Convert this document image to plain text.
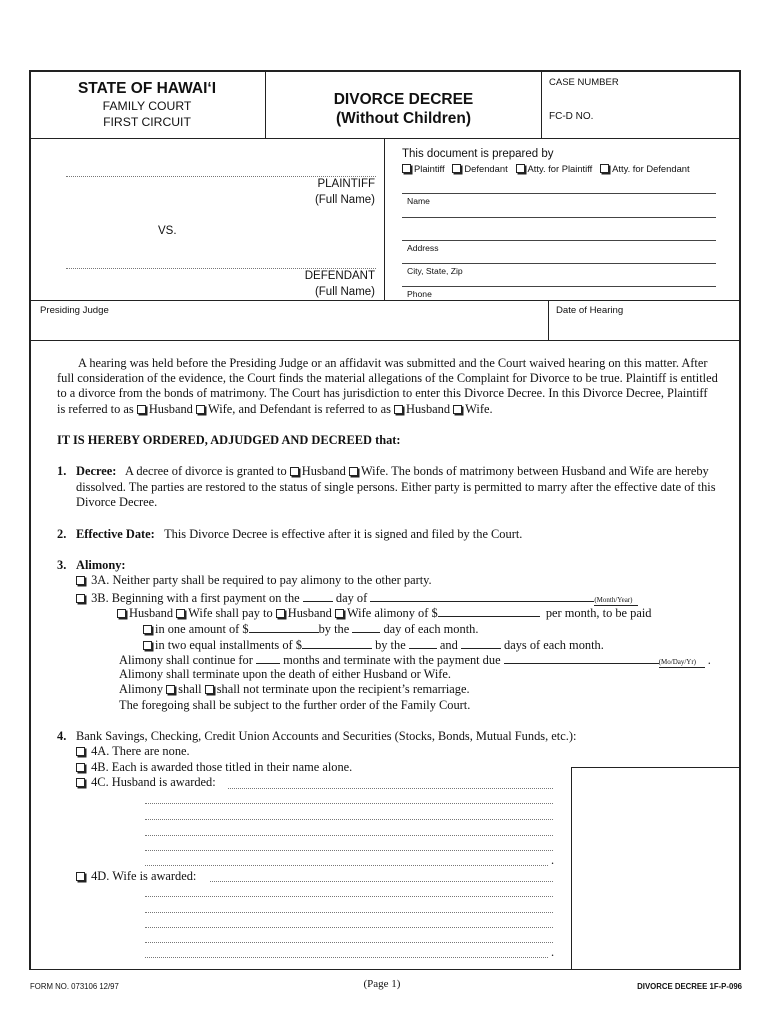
STATE OF HAWAI‘I
FAMILY COURT
FIRST CIRCUIT
DIVORCE DECREE
(Without Children)
CASE NUMBER
FC-D NO.
PLAINTIFF
(Full Name)
VS.
DEFENDANT
(Full Name)
This document is prepared by
Plaintiff Defendant Atty. for Plaintiff Atty. for Defendant
Name
Address
City, State, Zip
Phone
Presiding Judge	Date of Hearing
A hearing was held before the Presiding Judge or an affidavit was submitted and the Court waived hearing on this matter. After
full consideration of the evidence, the Court finds the material allegations of the Complaint for Divorce to be true. Plaintiff is entitled
to a divorce from the bonds of matrimony. The Court has jurisdiction to enter this Divorce Decree. In this Divorce Decree, Plaintiff
is referred to as Husband Wife, and Defendant is referred to as Husband Wife.
IT IS HEREBY ORDERED, ADJUDGED AND DECREED that:
1. Decree: A decree of divorce is granted to Husband Wife. The bonds of matrimony between Husband and Wife are hereby
dissolved. The parties are restored to the status of single persons. Either party is permitted to marry after the effective date of this
Divorce Decree.
2. Effective Date: This Divorce Decree is effective after it is signed and filed by the Court.
3. Alimony:
3A. Neither party shall be required to pay alimony to the other party.
3B. Beginning with a first payment on the	day of	(Month/Year)
Husband Wife shall pay to Husband Wife alimony of $	per month, to be paid
in one amount of $	by the	day of each month.
in two equal installments of $	by the	and	days of each month.
Alimony shall continue for months and terminate with the payment due	(Mo/Day/Yr) .
Alimony shall terminate upon the death of either Husband or Wife.
Alimony shall shall not terminate upon the recipient’s remarriage.
The foregoing shall be subject to the further order of the Family Court.
4. Bank Savings, Checking, Credit Union Accounts and Securities (Stocks, Bonds, Mutual Funds, etc.):
4A. There are none.
4B. Each is awarded those titled in their name alone.
4C. Husband is awarded:
.
4D. Wife is awarded:
.
FORM NO. 073106 12/97	(Page 1)	DIVORCE DECREE 1F-P-096
